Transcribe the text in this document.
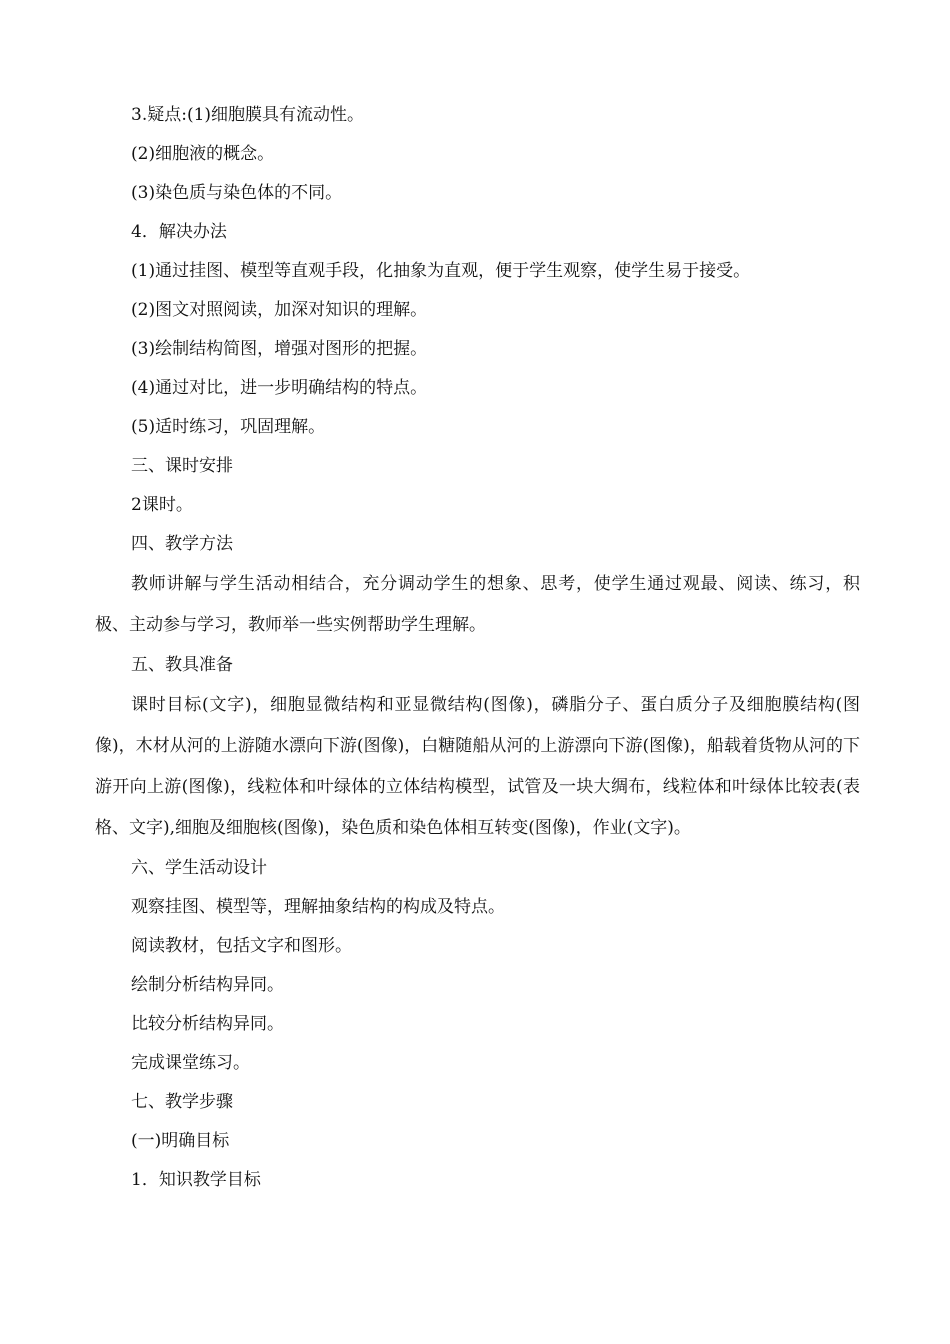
3.疑点:(1)细胞膜具有流动性。

(2)细胞液的概念。

(3)染色质与染色体的不同。

4．解决办法

(1)通过挂图、模型等直观手段，化抽象为直观，便于学生观察，使学生易于接受。

(2)图文对照阅读，加深对知识的理解。

(3)绘制结构简图，增强对图形的把握。

(4)通过对比，进一步明确结构的特点。

(5)适时练习，巩固理解。

三、课时安排

2课时。

四、教学方法

教师讲解与学生活动相结合，充分调动学生的想象、思考，使学生通过观最、阅读、练习，积极、主动参与学习，教师举一些实例帮助学生理解。

五、教具准备

课时目标(文字)，细胞显微结构和亚显微结构(图像)，磷脂分子、蛋白质分子及细胞膜结构(图像)，木材从河的上游随水漂向下游(图像)，白糖随船从河的上游漂向下游(图像)，船载着货物从河的下游开向上游(图像)，线粒体和叶绿体的立体结构模型，试管及一块大绸布，线粒体和叶绿体比较表(表格、文字),细胞及细胞核(图像)，染色质和染色体相互转变(图像)，作业(文字)。

六、学生活动设计

观察挂图、模型等，理解抽象结构的构成及特点。

阅读教材，包括文字和图形。

绘制分析结构异同。

比较分析结构异同。

完成课堂练习。

七、教学步骤

(一)明确目标

1．知识教学目标
